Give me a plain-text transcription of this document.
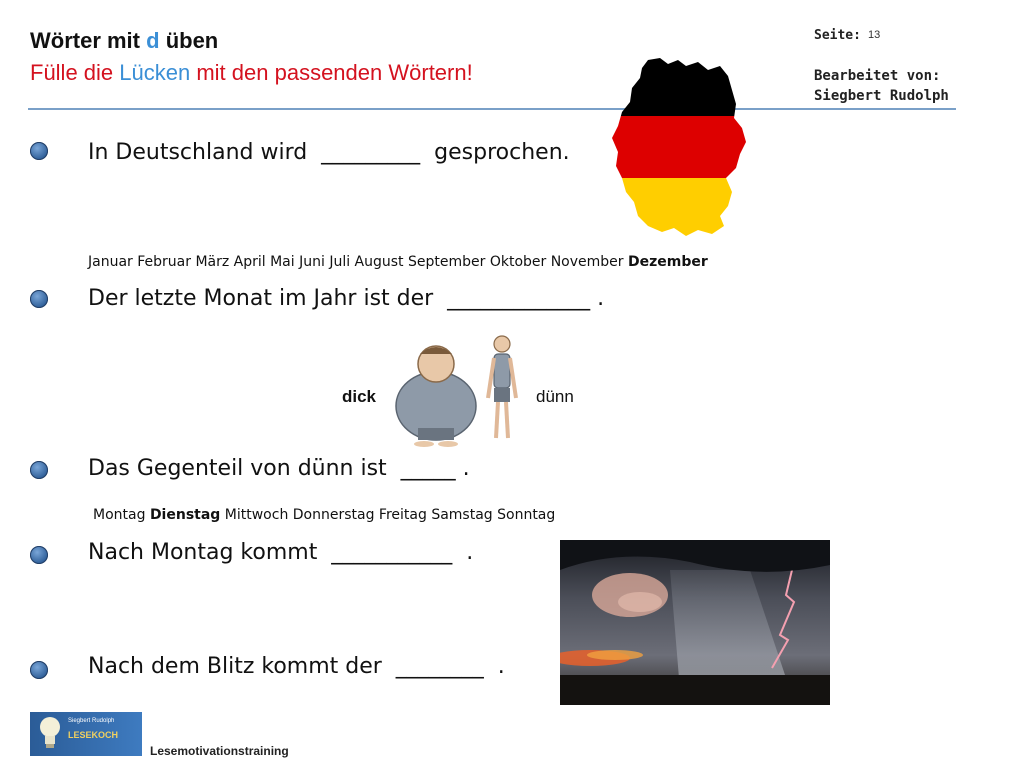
Wörter mit d üben
Fülle die Lücken mit den passenden Wörtern!
Seite: 13
Bearbeitet von:
Siegbert Rudolph
In Deutschland wird  _________  gesprochen.
Januar Februar März April Mai Juni Juli August September Oktober November Dezember
Der letzte Monat im Jahr ist der  _____________ .
dick	dünn
Das Gegenteil von dünn ist  _____ .
Montag Dienstag Mittwoch Donnerstag Freitag Samstag Sonntag
Nach Montag kommt  ___________  .
Nach dem Blitz kommt der  ________  .
Siegbert Rudolph
LESEKOCH
Lesemotivationstraining
